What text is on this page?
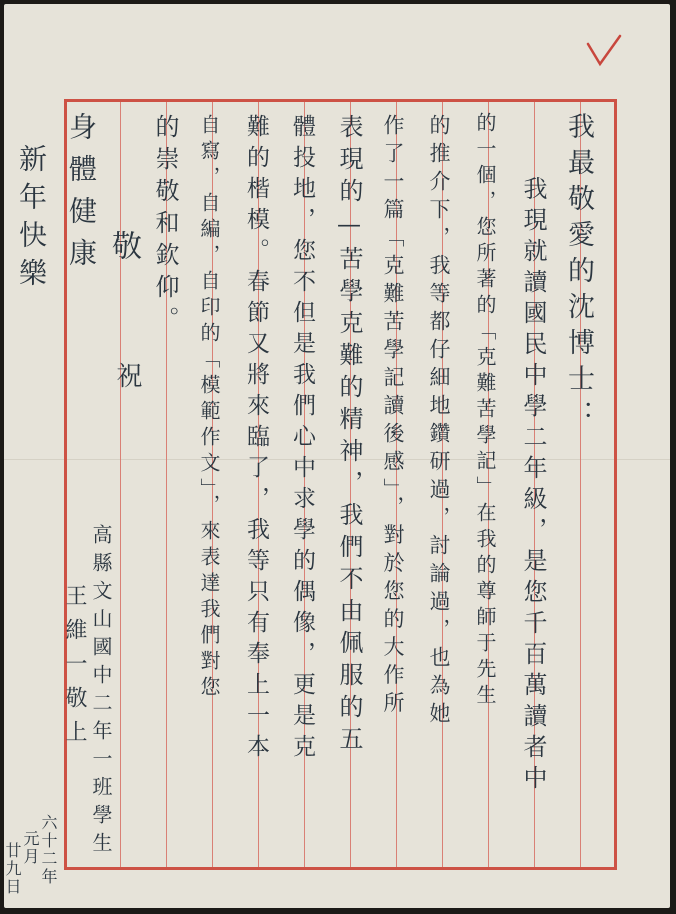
我最敬愛的沈博士：
我現就讀國民中學二年級，是您千百萬讀者中
的一個，您所著的「克難苦學記」在我的尊師于先生
的推介下，我等都仔細地鑽研過，討論過，也為她
作了一篇「克難苦學記讀後感」，對於您的大作所
表現的—苦學克難的精神，我們不由佩服的五
體投地，您不但是我們心中求學的偶像，更是克
難的楷模。春節又將來臨了，我等只有奉上一本
自寫，自編，自印的「模範作文」，來表達我們對您
的崇敬和欽仰。
敬
祝
身體健康
新年快樂
高縣文山國中二年一班學生
王維一敬上
六十二年
元月
廿九日
